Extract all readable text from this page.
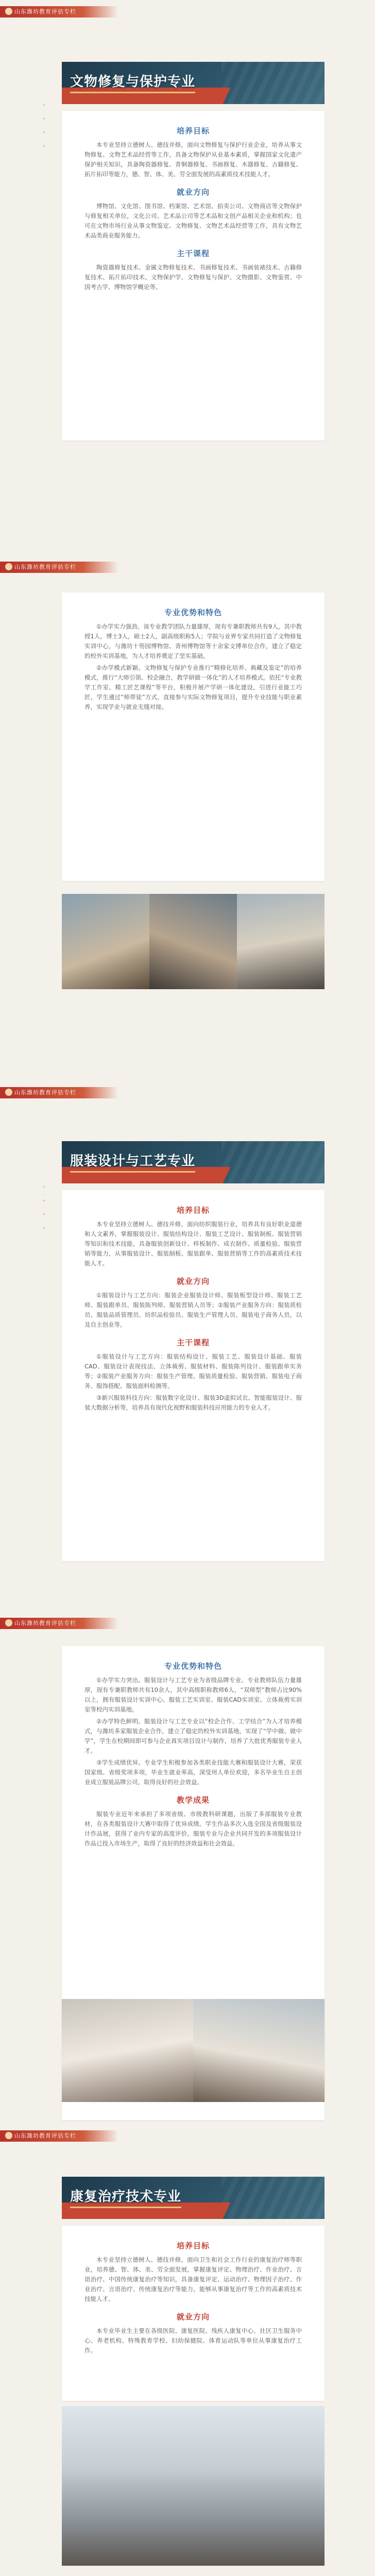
山东潍坊教育评估专栏
✦ · ✦ · ✦ · ✦
文物修复与保护专业
培养目标

本专业坚持立德树人、德技并修，面向文物修复与保护行业企业，培养从事文物修复、文物艺术品经营等工作，具备文物保护从业基本素质，掌握国家文化遗产保护相关知识，具备陶瓷器修复、青铜器修复、书画修复、木器修复、古籍修复、拓片拓印等能力，德、智、体、美、劳全面发展的高素质技术技能人才。

就业方向

博物馆、文化馆、图书馆、档案馆、艺术馆、拍卖公司、文物商店等文物保护与修复相关单位，文化公司、艺术品公司等艺术品和文创产品相关企业和机构；也可在文物市场行业从事文物鉴定、文物修复、文物艺术品经营等工作，具有文物艺术品类商业服务能力。

主干课程

陶瓷器修复技术、金属文物修复技术、书画修复技术、书画装裱技术、古籍修复技术、拓片拓印技术、文物保护学、文物修复与保护、文物摄影、文物鉴赏、中国考古学、博物馆学概论等。

山东潍坊教育评估专栏
专业优势和特色

①办学实力强劲。该专业教学团队力量雄厚，现有专兼职教师共有9人，其中教授1人，博士3人，硕士2人，副高级职称5人；学院与业界专家共同打造了文物修复实训中心，与潍坊十笏园博物馆、青州博物馆等十余家文博单位合作，建立了稳定的校外实训基地，为人才培养奠定了坚实基础。

②办学模式新颖。文物修复与保护专业推行“精修化培养、典藏及鉴定”的培养模式，推行“大师引领、校企融合，教学研做一体化”的人才培养模式。依托“专业教学工作室、精工匠艺课程”等平台，积极开展产学研一体化建设，引进行业能工巧匠，学生通过“师带徒”方式，直接参与实际文物修复项目，提升专业技能与职业素养，实现学业与就业无缝对接。

山东潍坊教育评估专栏
✦ · ✦ · ✦ · ✦
服装设计与工艺专业
培养目标

本专业坚持立德树人、德技并修，面向纺织服装行业，培养具有良好职业道德和人文素养，掌握服装设计、服装结构设计、服装工艺设计、服装制板、服装营销等知识和技术技能，具备服装创新设计、样板制作、成衣制作、质量检验、服装营销等能力，从事服装设计、服装制板、服装跟单、服装营销等工作的高素质技术技能人才。

就业方向

①服装设计与工艺方向：服装企业服装设计师、服装板型设计师、服装工艺师、服装跟单员、服装陈列师、服装营销人员等；②服装产业服务方向：服装质检员、服装品质管理员、纺织品检验员、服装生产管理人员、服装电子商务人员，以及自主创业等。

主干课程

①服装设计与工艺方向：服装结构设计、服装工艺、服装设计基础、服装CAD、服装设计表现技法、立体裁剪、服装材料、服装陈列设计、服装跟单实务等；②服装产业服务方向：服装生产管理、服装质量检验、服装营销、服装电子商务、服饰搭配、服装面料检测等。

③新兴服装科技方向：服装数字化设计、服装3D虚拟试衣、智能服装设计、服装大数据分析等，培养具有现代化视野和服装科技应用能力的专业人才。

山东潍坊教育评估专栏
专业优势和特色

①办学实力突出。服装设计与工艺专业为省级品牌专业、专业教师队伍力量雄厚，现有专兼职教师共有10余人，其中高级职称教师6人，“双师型”教师占比90%以上，拥有服装设计实训中心、服装工艺实训室、服装CAD实训室、立体裁剪实训室等校内实训基地。

②办学特色鲜明。服装设计与工艺专业以“校企合作、工学结合”为人才培养模式，与潍坊多家服装企业合作，建立了稳定的校外实训基地，实现了“学中做、做中学”，学生在校期间即可参与企业真实项目设计与制作，培养了大批优秀服装专业人才。

③学生成绩优异。专业学生积极参加各类职业技能大赛和服装设计大赛，荣获国家级、省级奖项多项，毕业生就业率高，深受用人单位欢迎，多名毕业生自主创业成立服装品牌公司，取得良好的社会效益。

教学成果

服装专业近年来承担了多项省级、市级教科研课题，出版了多部服装专业教材，在各类服装设计大赛中取得了优异成绩。学生作品多次入选全国及省级服装设计作品展，获得了业内专家的高度评价。服装专业与企业共同开发的多项服装设计作品已投入市场生产，取得了良好的经济效益和社会效益。

山东潍坊教育评估专栏
康复治疗技术专业
培养目标

本专业坚持立德树人、德技并修，面向卫生和社会工作行业的康复治疗师等职业，培养德、智、体、美、劳全面发展，掌握康复评定、物理治疗、作业治疗、言语治疗、中国传统康复治疗等知识，具备康复评定、运动治疗、物理因子治疗、作业治疗、言语治疗、传统康复治疗等能力，能够从事康复治疗等工作的高素质技术技能人才。

就业方向

本专业毕业生主要在各级医院、康复医院、残疾人康复中心、社区卫生服务中心、养老机构、特殊教育学校、妇幼保健院、体育运动队等单位从事康复治疗工作。
